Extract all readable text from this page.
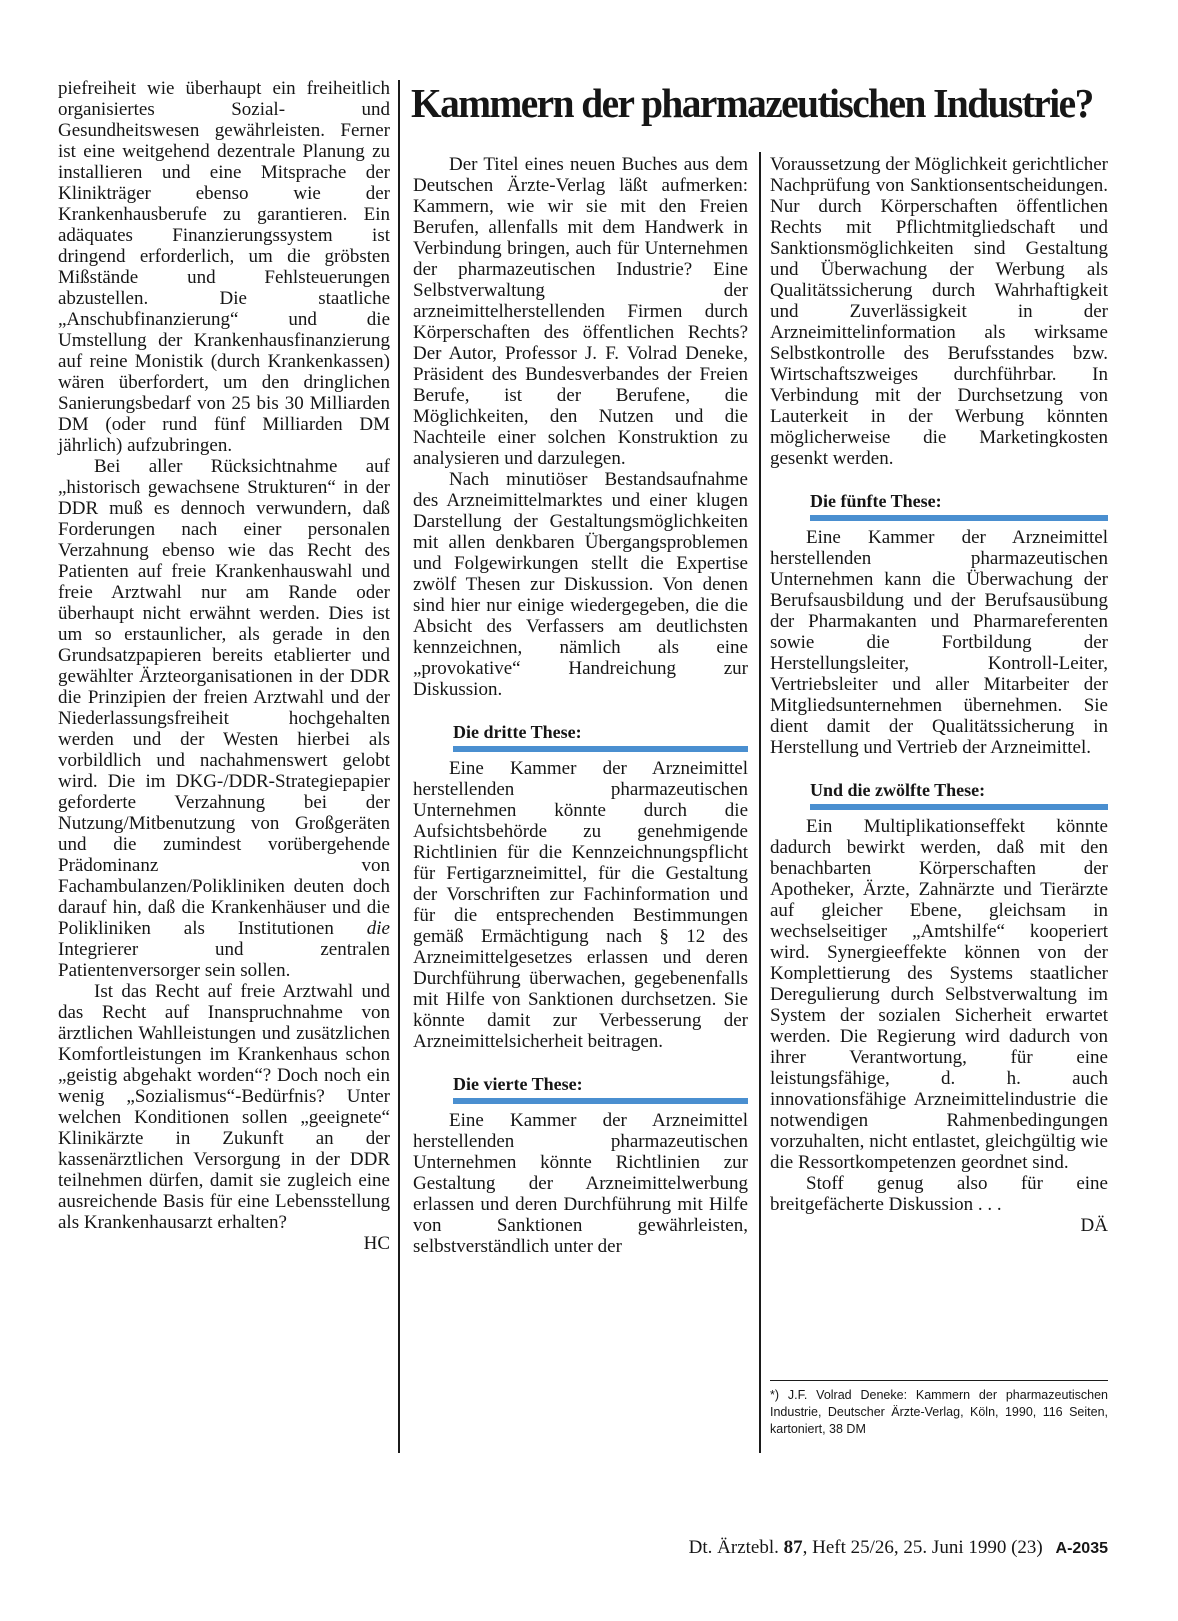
piefreiheit wie überhaupt ein freiheitlich organisiertes Sozial- und Gesundheitswesen gewährleisten. Ferner ist eine weitgehend dezentrale Planung zu installieren und eine Mitsprache der Klinikträger ebenso wie der Krankenhausberufe zu garantieren. Ein adäquates Finanzierungssystem ist dringend erforderlich, um die gröbsten Mißstände und Fehlsteuerungen abzustellen. Die staatliche „Anschubfinanzierung“ und die Umstellung der Krankenhausfinanzierung auf reine Monistik (durch Krankenkassen) wären überfordert, um den dringlichen Sanierungsbedarf von 25 bis 30 Milliarden DM (oder rund fünf Milliarden DM jährlich) aufzubringen.

Bei aller Rücksichtnahme auf „historisch gewachsene Strukturen“ in der DDR muß es dennoch verwundern, daß Forderungen nach einer personalen Verzahnung ebenso wie das Recht des Patienten auf freie Krankenhauswahl und freie Arztwahl nur am Rande oder überhaupt nicht erwähnt werden. Dies ist um so erstaunlicher, als gerade in den Grundsatzpapieren bereits etablierter und gewählter Ärzteorganisationen in der DDR die Prinzipien der freien Arztwahl und der Niederlassungsfreiheit hochgehalten werden und der Westen hierbei als vorbildlich und nachahmenswert gelobt wird. Die im DKG-/DDR-Strategiepapier geforderte Verzahnung bei der Nutzung/Mitbenutzung von Großgeräten und die zumindest vorübergehende Prädominanz von Fachambulanzen/Polikliniken deuten doch darauf hin, daß die Krankenhäuser und die Polikliniken als Institutionen die Integrierer und zentralen Patientenversorger sein sollen.

Ist das Recht auf freie Arztwahl und das Recht auf Inanspruchnahme von ärztlichen Wahlleistungen und zusätzlichen Komfortleistungen im Krankenhaus schon „geistig abgehakt worden“? Doch noch ein wenig „Sozialismus“-Bedürfnis? Unter welchen Konditionen sollen „geeignete“ Klinikärzte in Zukunft an der kassenärztlichen Versorgung in der DDR teilnehmen dürfen, damit sie zugleich eine ausreichende Basis für eine Lebensstellung als Krankenhausarzt erhalten?

HC
Kammern der pharmazeutischen Industrie?

Der Titel eines neuen Buches aus dem Deutschen Ärzte-Verlag läßt aufmerken: Kammern, wie wir sie mit den Freien Berufen, allenfalls mit dem Handwerk in Verbindung bringen, auch für Unternehmen der pharmazeutischen Industrie? Eine Selbstverwaltung der arzneimittelherstellenden Firmen durch Körperschaften des öffentlichen Rechts? Der Autor, Professor J. F. Volrad Deneke, Präsident des Bundesverbandes der Freien Berufe, ist der Berufene, die Möglichkeiten, den Nutzen und die Nachteile einer solchen Konstruktion zu analysieren und darzulegen.

Nach minutiöser Bestandsaufnahme des Arzneimittelmarktes und einer klugen Darstellung der Gestaltungsmöglichkeiten mit allen denkbaren Übergangsproblemen und Folgewirkungen stellt die Expertise zwölf Thesen zur Diskussion. Von denen sind hier nur einige wiedergegeben, die die Absicht des Verfassers am deutlichsten kennzeichnen, nämlich als eine „provokative“ Handreichung zur Diskussion.

Die dritte These:

Eine Kammer der Arzneimittel herstellenden pharmazeutischen Unternehmen könnte durch die Aufsichtsbehörde zu genehmigende Richtlinien für die Kennzeichnungspflicht für Fertigarzneimittel, für die Gestaltung der Vorschriften zur Fachinformation und für die entsprechenden Bestimmungen gemäß Ermächtigung nach § 12 des Arzneimittelgesetzes erlassen und deren Durchführung überwachen, gegebenenfalls mit Hilfe von Sanktionen durchsetzen. Sie könnte damit zur Verbesserung der Arzneimittelsicherheit beitragen.

Die vierte These:

Eine Kammer der Arzneimittel herstellenden pharmazeutischen Unternehmen könnte Richtlinien zur Gestaltung der Arzneimittelwerbung erlassen und deren Durchführung mit Hilfe von Sanktionen gewährleisten, selbstverständlich unter der

Voraussetzung der Möglichkeit gerichtlicher Nachprüfung von Sanktionsentscheidungen. Nur durch Körperschaften öffentlichen Rechts mit Pflichtmitgliedschaft und Sanktionsmöglichkeiten sind Gestaltung und Überwachung der Werbung als Qualitätssicherung durch Wahrhaftigkeit und Zuverlässigkeit in der Arzneimittelinformation als wirksame Selbstkontrolle des Berufsstandes bzw. Wirtschaftszweiges durchführbar. In Verbindung mit der Durchsetzung von Lauterkeit in der Werbung könnten möglicherweise die Marketingkosten gesenkt werden.

Die fünfte These:

Eine Kammer der Arzneimittel herstellenden pharmazeutischen Unternehmen kann die Überwachung der Berufsausbildung und der Berufsausübung der Pharmakanten und Pharmareferenten sowie die Fortbildung der Herstellungsleiter, Kontroll-Leiter, Vertriebsleiter und aller Mitarbeiter der Mitgliedsunternehmen übernehmen. Sie dient damit der Qualitätssicherung in Herstellung und Vertrieb der Arzneimittel.

Und die zwölfte These:

Ein Multiplikationseffekt könnte dadurch bewirkt werden, daß mit den benachbarten Körperschaften der Apotheker, Ärzte, Zahnärzte und Tierärzte auf gleicher Ebene, gleichsam in wechselseitiger „Amtshilfe“ kooperiert wird. Synergieeffekte können von der Komplettierung des Systems staatlicher Deregulierung durch Selbstverwaltung im System der sozialen Sicherheit erwartet werden. Die Regierung wird dadurch von ihrer Verantwortung, für eine leistungsfähige, d. h. auch innovationsfähige Arzneimittelindustrie die notwendigen Rahmenbedingungen vorzuhalten, nicht entlastet, gleichgültig wie die Ressortkompetenzen geordnet sind.

Stoff genug also für eine breitgefächerte Diskussion . . .

DÄ

*) J.F. Volrad Deneke: Kammern der pharmazeutischen Industrie, Deutscher Ärzte-Verlag, Köln, 1990, 116 Seiten, kartoniert, 38 DM

Dt. Ärztebl. 87, Heft 25/26, 25. Juni 1990 (23) A-2035
